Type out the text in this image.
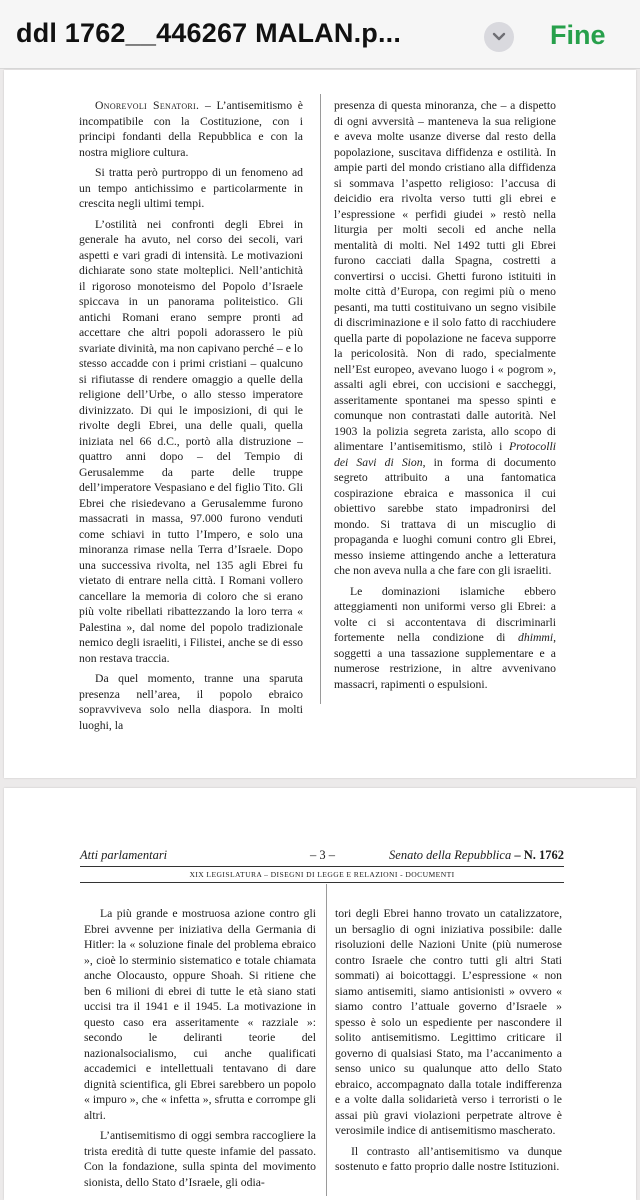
ddl 1762__446267 MALAN.p...	Fine

Onorevoli Senatori. – L’antisemitismo è incompatibile con la Costituzione, con i principi fondanti della Repubblica e con la nostra migliore cultura.

Si tratta però purtroppo di un fenomeno ad un tempo antichissimo e particolarmente in crescita negli ultimi tempi.

L’ostilità nei confronti degli Ebrei in generale ha avuto, nel corso dei secoli, vari aspetti e vari gradi di intensità. Le motivazioni dichiarate sono state molteplici. Nell’antichità il rigoroso monoteismo del Popolo d’Israele spiccava in un panorama politeistico. Gli antichi Romani erano sempre pronti ad accettare che altri popoli adorassero le più svariate divinità, ma non capivano perché – e lo stesso accadde con i primi cristiani – qualcuno si rifiutasse di rendere omaggio a quelle della religione dell’Urbe, o allo stesso imperatore divinizzato. Di qui le imposizioni, di qui le rivolte degli Ebrei, una delle quali, quella iniziata nel 66 d.C., portò alla distruzione – quattro anni dopo – del Tempio di Gerusalemme da parte delle truppe dell’imperatore Vespasiano e del figlio Tito. Gli Ebrei che risiedevano a Gerusalemme furono massacrati in massa, 97.000 furono venduti come schiavi in tutto l’Impero, e solo una minoranza rimase nella Terra d’Israele. Dopo una successiva rivolta, nel 135 agli Ebrei fu vietato di entrare nella città. I Romani vollero cancellare la memoria di coloro che si erano più volte ribellati ribattezzando la loro terra « Palestina », dal nome del popolo tradizionale nemico degli israeliti, i Filistei, anche se di esso non restava traccia.

Da quel momento, tranne una sparuta presenza nell’area, il popolo ebraico sopravviveva solo nella diaspora. In molti luoghi, la

presenza di questa minoranza, che – a dispetto di ogni avversità – manteneva la sua religione e aveva molte usanze diverse dal resto della popolazione, suscitava diffidenza e ostilità. In ampie parti del mondo cristiano alla diffidenza si sommava l’aspetto religioso: l’accusa di deicidio era rivolta verso tutti gli ebrei e l’espressione « perfidi giudei » restò nella liturgia per molti secoli ed anche nella mentalità di molti. Nel 1492 tutti gli Ebrei furono cacciati dalla Spagna, costretti a convertirsi o uccisi. Ghetti furono istituiti in molte città d’Europa, con regimi più o meno pesanti, ma tutti costituivano un segno visibile di discriminazione e il solo fatto di racchiudere quella parte di popolazione ne faceva supporre la pericolosità. Non di rado, specialmente nell’Est europeo, avevano luogo i « pogrom », assalti agli ebrei, con uccisioni e saccheggi, asseritamente spontanei ma spesso spinti e comunque non contrastati dalle autorità. Nel 1903 la polizia segreta zarista, allo scopo di alimentare l’antisemitismo, stilò i Protocolli dei Savi di Sion, in forma di documento segreto attribuito a una fantomatica cospirazione ebraica e massonica il cui obiettivo sarebbe stato impadronirsi del mondo. Si trattava di un miscuglio di propaganda e luoghi comuni contro gli Ebrei, messo insieme attingendo anche a letteratura che non aveva nulla a che fare con gli israeliti.

Le dominazioni islamiche ebbero atteggiamenti non uniformi verso gli Ebrei: a volte ci si accontentava di discriminarli fortemente nella condizione di dhimmi, soggetti a una tassazione supplementare e a numerose restrizione, in altre avvenivano massacri, rapimenti o espulsioni.

Atti parlamentari	– 3 –	Senato della Repubblica – N. 1762
XIX LEGISLATURA – DISEGNI DI LEGGE E RELAZIONI - DOCUMENTI

La più grande e mostruosa azione contro gli Ebrei avvenne per iniziativa della Germania di Hitler: la « soluzione finale del problema ebraico », cioè lo sterminio sistematico e totale chiamata anche Olocausto, oppure Shoah. Si ritiene che ben 6 milioni di ebrei di tutte le età siano stati uccisi tra il 1941 e il 1945. La motivazione in questo caso era asseritamente « razziale »: secondo le deliranti teorie del nazionalsocialismo, cui anche qualificati accademici e intellettuali tentavano di dare dignità scientifica, gli Ebrei sarebbero un popolo « impuro », che « infetta », sfrutta e corrompe gli altri.

L’antisemitismo di oggi sembra raccogliere la trista eredità di tutte queste infamie del passato. Con la fondazione, sulla spinta del movimento sionista, dello Stato d’Israele, gli odia-

tori degli Ebrei hanno trovato un catalizzatore, un bersaglio di ogni iniziativa possibile: dalle risoluzioni delle Nazioni Unite (più numerose contro Israele che contro tutti gli altri Stati sommati) ai boicottaggi. L’espressione « non siamo antisemiti, siamo antisionisti » ovvero « siamo contro l’attuale governo d’Israele » spesso è solo un espediente per nascondere il solito antisemitismo. Legittimo criticare il governo di qualsiasi Stato, ma l’accanimento a senso unico su qualunque atto dello Stato ebraico, accompagnato dalla totale indifferenza e a volte dalla solidarietà verso i terroristi o le assai più gravi violazioni perpetrate altrove è verosimile indice di antisemitismo mascherato.

Il contrasto all’antisemitismo va dunque sostenuto e fatto proprio dalle nostre Istituzioni.
